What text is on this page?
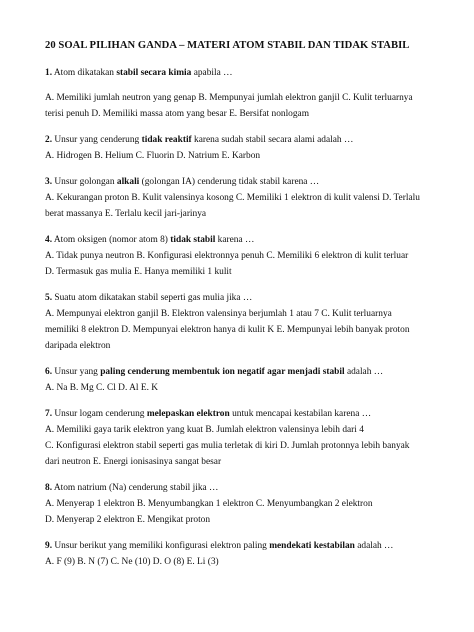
20 SOAL PILIHAN GANDA – MATERI ATOM STABIL DAN TIDAK STABIL

1. Atom dikatakan stabil secara kimia apabila …

A. Memiliki jumlah neutron yang genap B. Mempunyai jumlah elektron ganjil C. Kulit terluarnya

terisi penuh D. Memiliki massa atom yang besar E. Bersifat nonlogam

2. Unsur yang cenderung tidak reaktif karena sudah stabil secara alami adalah …

A. Hidrogen B. Helium C. Fluorin D. Natrium E. Karbon

3. Unsur golongan alkali (golongan IA) cenderung tidak stabil karena …

A. Kekurangan proton B. Kulit valensinya kosong C. Memiliki 1 elektron di kulit valensi D. Terlalu

berat massanya E. Terlalu kecil jari-jarinya

4. Atom oksigen (nomor atom 8) tidak stabil karena …

A. Tidak punya neutron B. Konfigurasi elektronnya penuh C. Memiliki 6 elektron di kulit terluar

D. Termasuk gas mulia E. Hanya memiliki 1 kulit

5. Suatu atom dikatakan stabil seperti gas mulia jika …

A. Mempunyai elektron ganjil B. Elektron valensinya berjumlah 1 atau 7 C. Kulit terluarnya

memiliki 8 elektron D. Mempunyai elektron hanya di kulit K E. Mempunyai lebih banyak proton

daripada elektron

6. Unsur yang paling cenderung membentuk ion negatif agar menjadi stabil adalah …

A. Na B. Mg C. Cl D. Al E. K

7. Unsur logam cenderung melepaskan elektron untuk mencapai kestabilan karena …

A. Memiliki gaya tarik elektron yang kuat B. Jumlah elektron valensinya lebih dari 4

C. Konfigurasi elektron stabil seperti gas mulia terletak di kiri D. Jumlah protonnya lebih banyak

dari neutron E. Energi ionisasinya sangat besar

8. Atom natrium (Na) cenderung stabil jika …

A. Menyerap 1 elektron B. Menyumbangkan 1 elektron C. Menyumbangkan 2 elektron

D. Menyerap 2 elektron E. Mengikat proton

9. Unsur berikut yang memiliki konfigurasi elektron paling mendekati kestabilan adalah …

A. F (9) B. N (7) C. Ne (10) D. O (8) E. Li (3)
